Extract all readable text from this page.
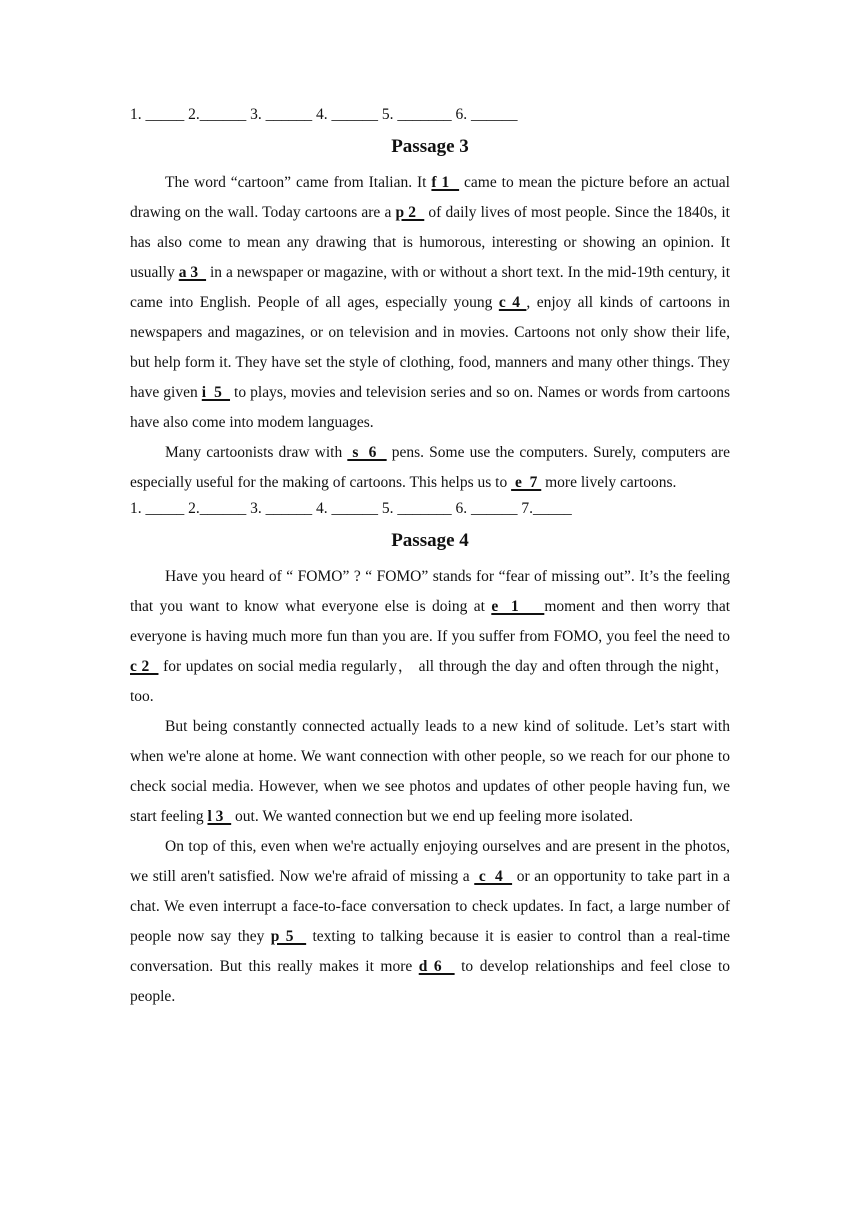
1. _____ 2.______ 3. ______ 4. ______ 5. _______ 6. ______
Passage 3

The word “cartoon” came from Italian. It f 1   came to mean the picture before an actual drawing on the wall. Today cartoons are a p 2   of daily lives of most people. Since the 1840s, it has also come to mean any drawing that is humorous, interesting or showing an opinion. It usually a 3   in a newspaper or magazine, with or without a short text. In the mid-19th century, it came into English. People of all ages, especially young c 4 , enjoy all kinds of cartoons in newspapers and magazines, or on television and in movies. Cartoons not only show their life, but help form it. They have set the style of clothing, food, manners and many other things. They have given i  5   to plays, movies and television series and so on. Names or words from cartoons have also come into modem languages.

Many cartoonists draw with  s  6   pens. Some use the computers. Surely, computers are especially useful for the making of cartoons. This helps us to  e  7  more lively cartoons.

1. _____ 2.______ 3. ______ 4. ______ 5. _______ 6. ______ 7._____
Passage 4

Have you heard of “ FOMO” ? “ FOMO” stands for “fear of missing out”. It’s the feeling that you want to know what everyone else is doing at e  1    moment and then worry that everyone is having much more fun than you are. If you suffer from FOMO, you feel the need to c 2   for updates on social media regularly， all through the day and often through the night， too.

But being constantly connected actually leads to a new kind of solitude. Let’s start with when we're alone at home. We want connection with other people, so we reach for our phone to check social media. However, when we see photos and updates of other people having fun, we start feeling l 3   out. We wanted connection but we end up feeling more isolated.

On top of this, even when we're actually enjoying ourselves and are present in the photos, we still aren't satisfied. Now we're afraid of missing a  c  4   or an opportunity to take part in a chat. We even interrupt a face-to-face conversation to check updates. In fact, a large number of people now say they p 5   texting to talking because it is easier to control than a real-time conversation. But this really makes it more d 6   to develop relationships and feel close to people.
